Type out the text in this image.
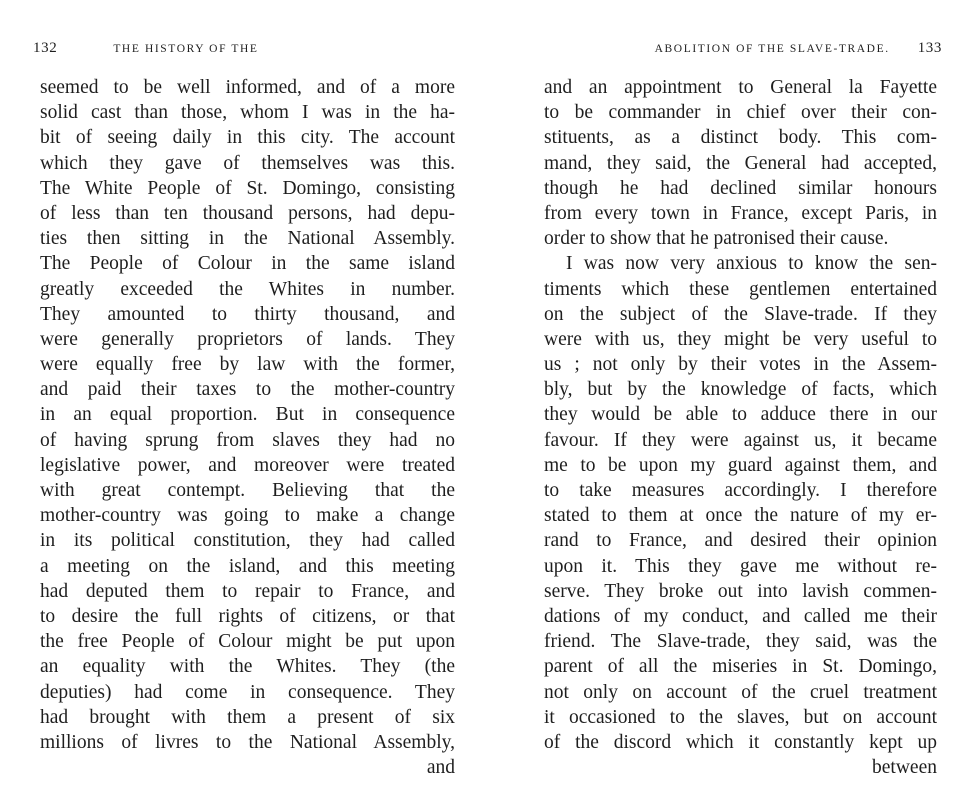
132	THE HISTORY OF THE
seemed to be well informed, and of a more
solid cast than those, whom I was in the ha-
bit of seeing daily in this city. The account
which they gave of themselves was this.
The White People of St. Domingo, consisting
of less than ten thousand persons, had depu-
ties then sitting in the National Assembly.
The People of Colour in the same island
greatly exceeded the Whites in number.
They amounted to thirty thousand, and
were generally proprietors of lands. They
were equally free by law with the former,
and paid their taxes to the mother-country
in an equal proportion. But in consequence
of having sprung from slaves they had no
legislative power, and moreover were treated
with great contempt. Believing that the
mother-country was going to make a change
in its political constitution, they had called
a meeting on the island, and this meeting
had deputed them to repair to France, and
to desire the full rights of citizens, or that
the free People of Colour might be put upon
an equality with the Whites. They (the
deputies) had come in consequence. They
had brought with them a present of six
millions of livres to the National Assembly,
and
ABOLITION OF THE SLAVE-TRADE. 133
and an appointment to General la Fayette
to be commander in chief over their con-
stituents, as a distinct body. This com-
mand, they said, the General had accepted,
though he had declined similar honours
from every town in France, except Paris, in
order to show that he patronised their cause.
I was now very anxious to know the sen-
timents which these gentlemen entertained
on the subject of the Slave-trade. If they
were with us, they might be very useful to
us ; not only by their votes in the Assem-
bly, but by the knowledge of facts, which
they would be able to adduce there in our
favour. If they were against us, it became
me to be upon my guard against them, and
to take measures accordingly. I therefore
stated to them at once the nature of my er-
rand to France, and desired their opinion
upon it. This they gave me without re-
serve. They broke out into lavish commen-
dations of my conduct, and called me their
friend. The Slave-trade, they said, was the
parent of all the miseries in St. Domingo,
not only on account of the cruel treatment
it occasioned to the slaves, but on account
of the discord which it constantly kept up
between
